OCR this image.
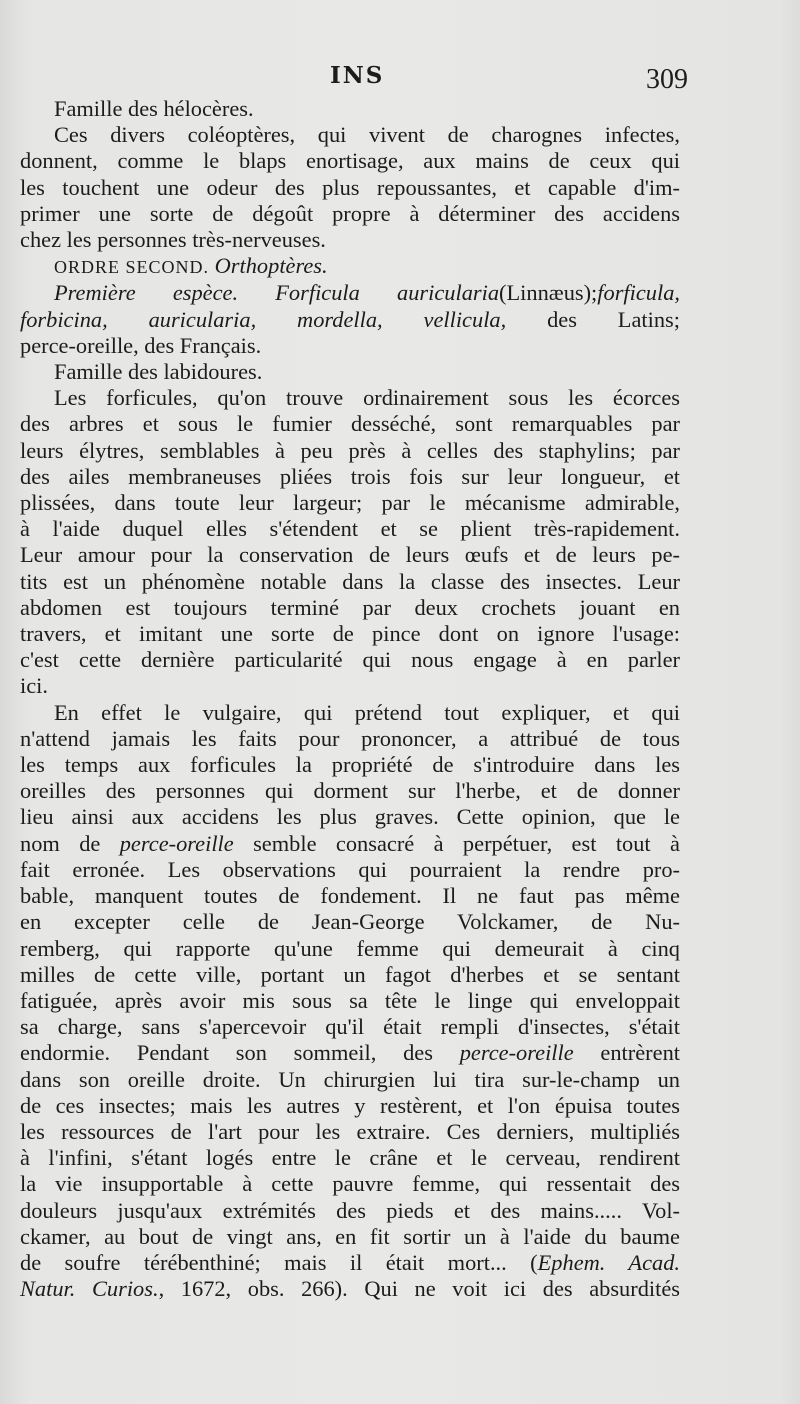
INS	309
Famille des hélocères.
Ces divers coléoptères, qui vivent de charognes infectes,
donnent, comme le blaps enortisage, aux mains de ceux qui
les touchent une odeur des plus repoussantes, et capable d'im-
primer une sorte de dégoût propre à déterminer des accidens
chez les personnes très-nerveuses.
ORDRE SECOND. Orthoptères.
Première espèce. Forficula auricularia(Linnæus);forficula,
forbicina, auricularia, mordella, vellicula, des Latins;
perce-oreille, des Français.
Famille des labidoures.
Les forficules, qu'on trouve ordinairement sous les écorces
des arbres et sous le fumier desséché, sont remarquables par
leurs élytres, semblables à peu près à celles des staphylins; par
des ailes membraneuses pliées trois fois sur leur longueur, et
plissées, dans toute leur largeur; par le mécanisme admirable,
à l'aide duquel elles s'étendent et se plient très-rapidement.
Leur amour pour la conservation de leurs œufs et de leurs pe-
tits est un phénomène notable dans la classe des insectes. Leur
abdomen est toujours terminé par deux crochets jouant en
travers, et imitant une sorte de pince dont on ignore l'usage:
c'est cette dernière particularité qui nous engage à en parler
ici.
En effet le vulgaire, qui prétend tout expliquer, et qui
n'attend jamais les faits pour prononcer, a attribué de tous
les temps aux forficules la propriété de s'introduire dans les
oreilles des personnes qui dorment sur l'herbe, et de donner
lieu ainsi aux accidens les plus graves. Cette opinion, que le
nom de perce-oreille semble consacré à perpétuer, est tout à
fait erronée. Les observations qui pourraient la rendre pro-
bable, manquent toutes de fondement. Il ne faut pas même
en excepter celle de Jean-George Volckamer, de Nu-
remberg, qui rapporte qu'une femme qui demeurait à cinq
milles de cette ville, portant un fagot d'herbes et se sentant
fatiguée, après avoir mis sous sa tête le linge qui enveloppait
sa charge, sans s'apercevoir qu'il était rempli d'insectes, s'était
endormie. Pendant son sommeil, des perce-oreille entrèrent
dans son oreille droite. Un chirurgien lui tira sur-le-champ un
de ces insectes; mais les autres y restèrent, et l'on épuisa toutes
les ressources de l'art pour les extraire. Ces derniers, multipliés
à l'infini, s'étant logés entre le crâne et le cerveau, rendirent
la vie insupportable à cette pauvre femme, qui ressentait des
douleurs jusqu'aux extrémités des pieds et des mains..... Vol-
ckamer, au bout de vingt ans, en fit sortir un à l'aide du baume
de soufre térébenthiné; mais il était mort... (Ephem. Acad.
Natur. Curios., 1672, obs. 266). Qui ne voit ici des absurdités
